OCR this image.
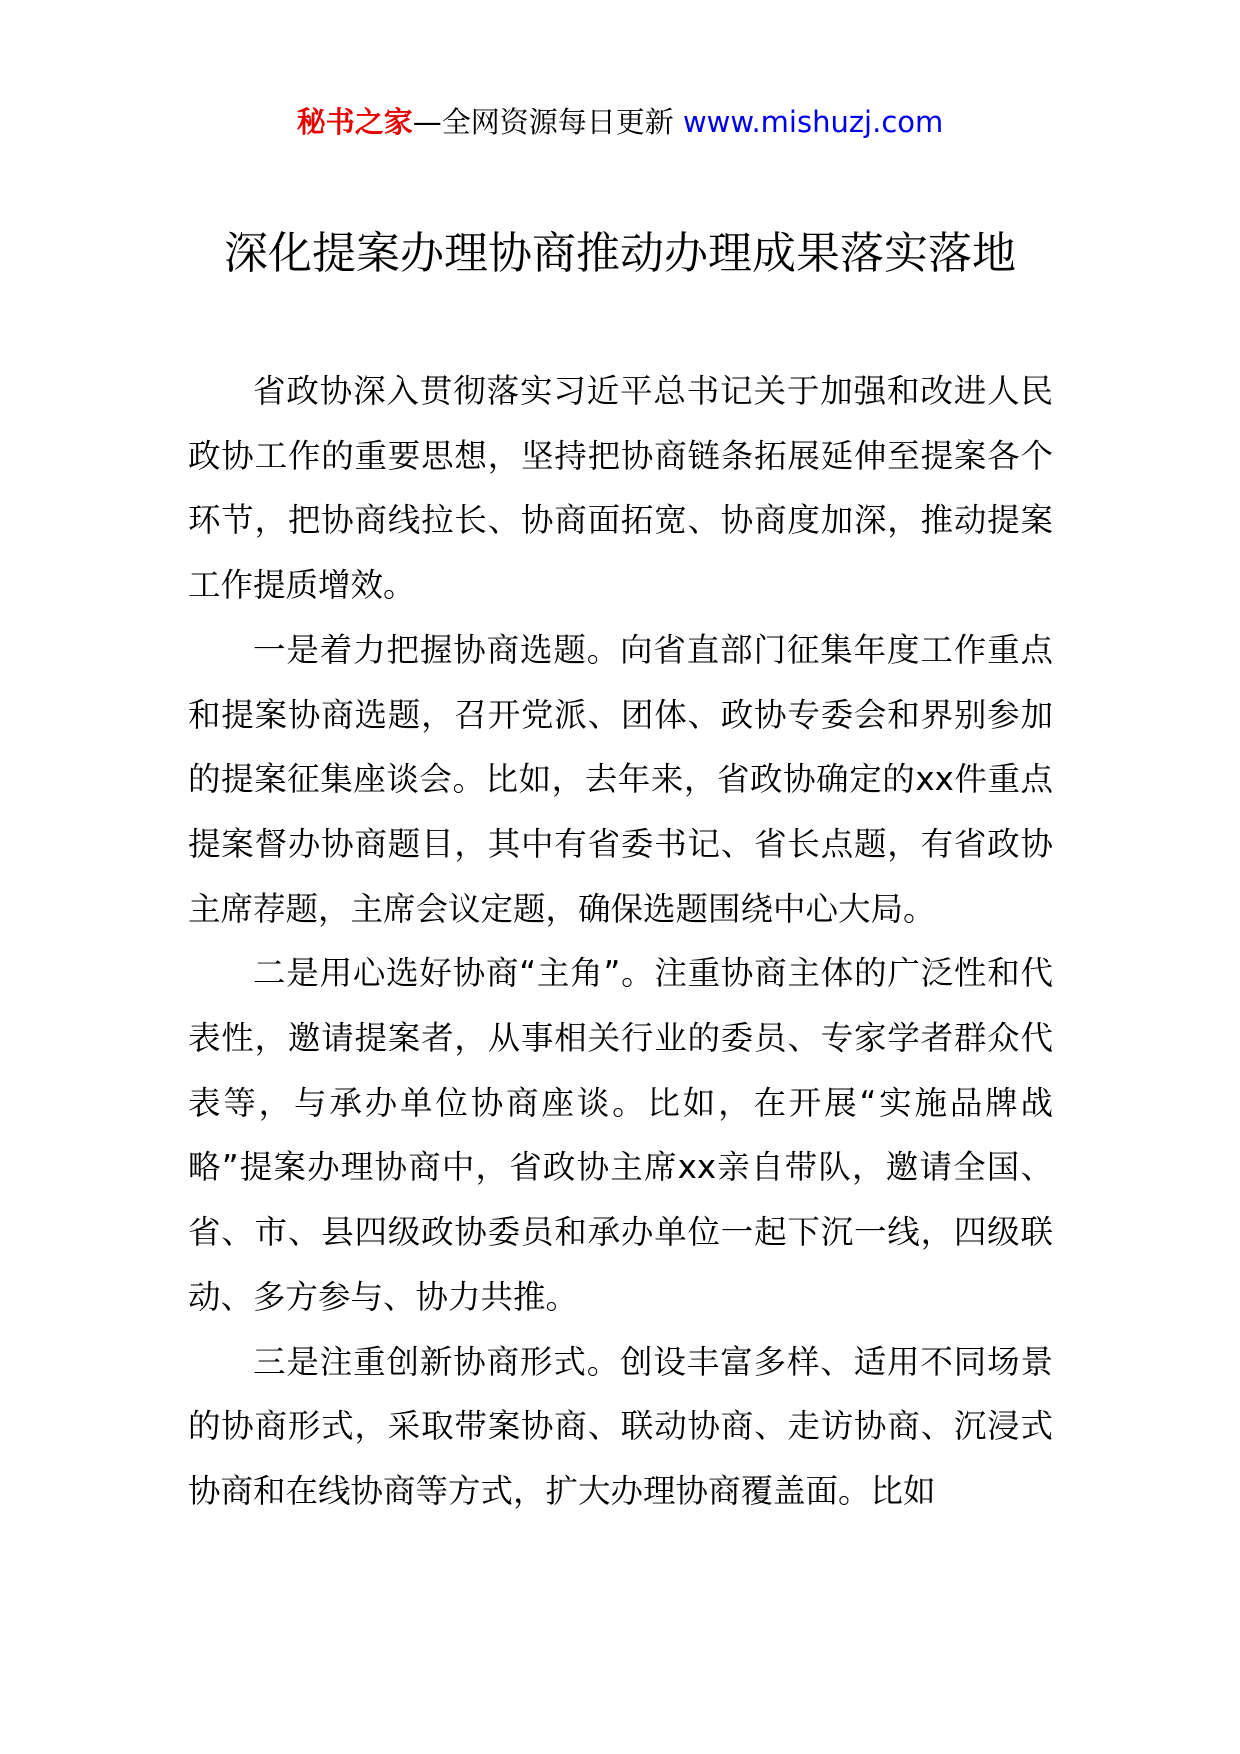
秘书之家—全网资源每日更新 www.mishuzj.com
深化提案办理协商推动办理成果落实落地

省政协深入贯彻落实习近平总书记关于加强和改进人民政协工作的重要思想，坚持把协商链条拓展延伸至提案各个环节，把协商线拉长、协商面拓宽、协商度加深，推动提案工作提质增效。

一是着力把握协商选题。向省直部门征集年度工作重点和提案协商选题，召开党派、团体、政协专委会和界别参加的提案征集座谈会。比如，去年来，省政协确定的xx件重点提案督办协商题目，其中有省委书记、省长点题，有省政协主席荐题，主席会议定题，确保选题围绕中心大局。

二是用心选好协商“主角”。注重协商主体的广泛性和代表性，邀请提案者，从事相关行业的委员、专家学者群众代表等，与承办单位协商座谈。比如，在开展“实施品牌战略”提案办理协商中，省政协主席xx亲自带队，邀请全国、省、市、县四级政协委员和承办单位一起下沉一线，四级联动、多方参与、协力共推。

三是注重创新协商形式。创设丰富多样、适用不同场景的协商形式，采取带案协商、联动协商、走访协商、沉浸式协商和在线协商等方式，扩大办理协商覆盖面。比如
